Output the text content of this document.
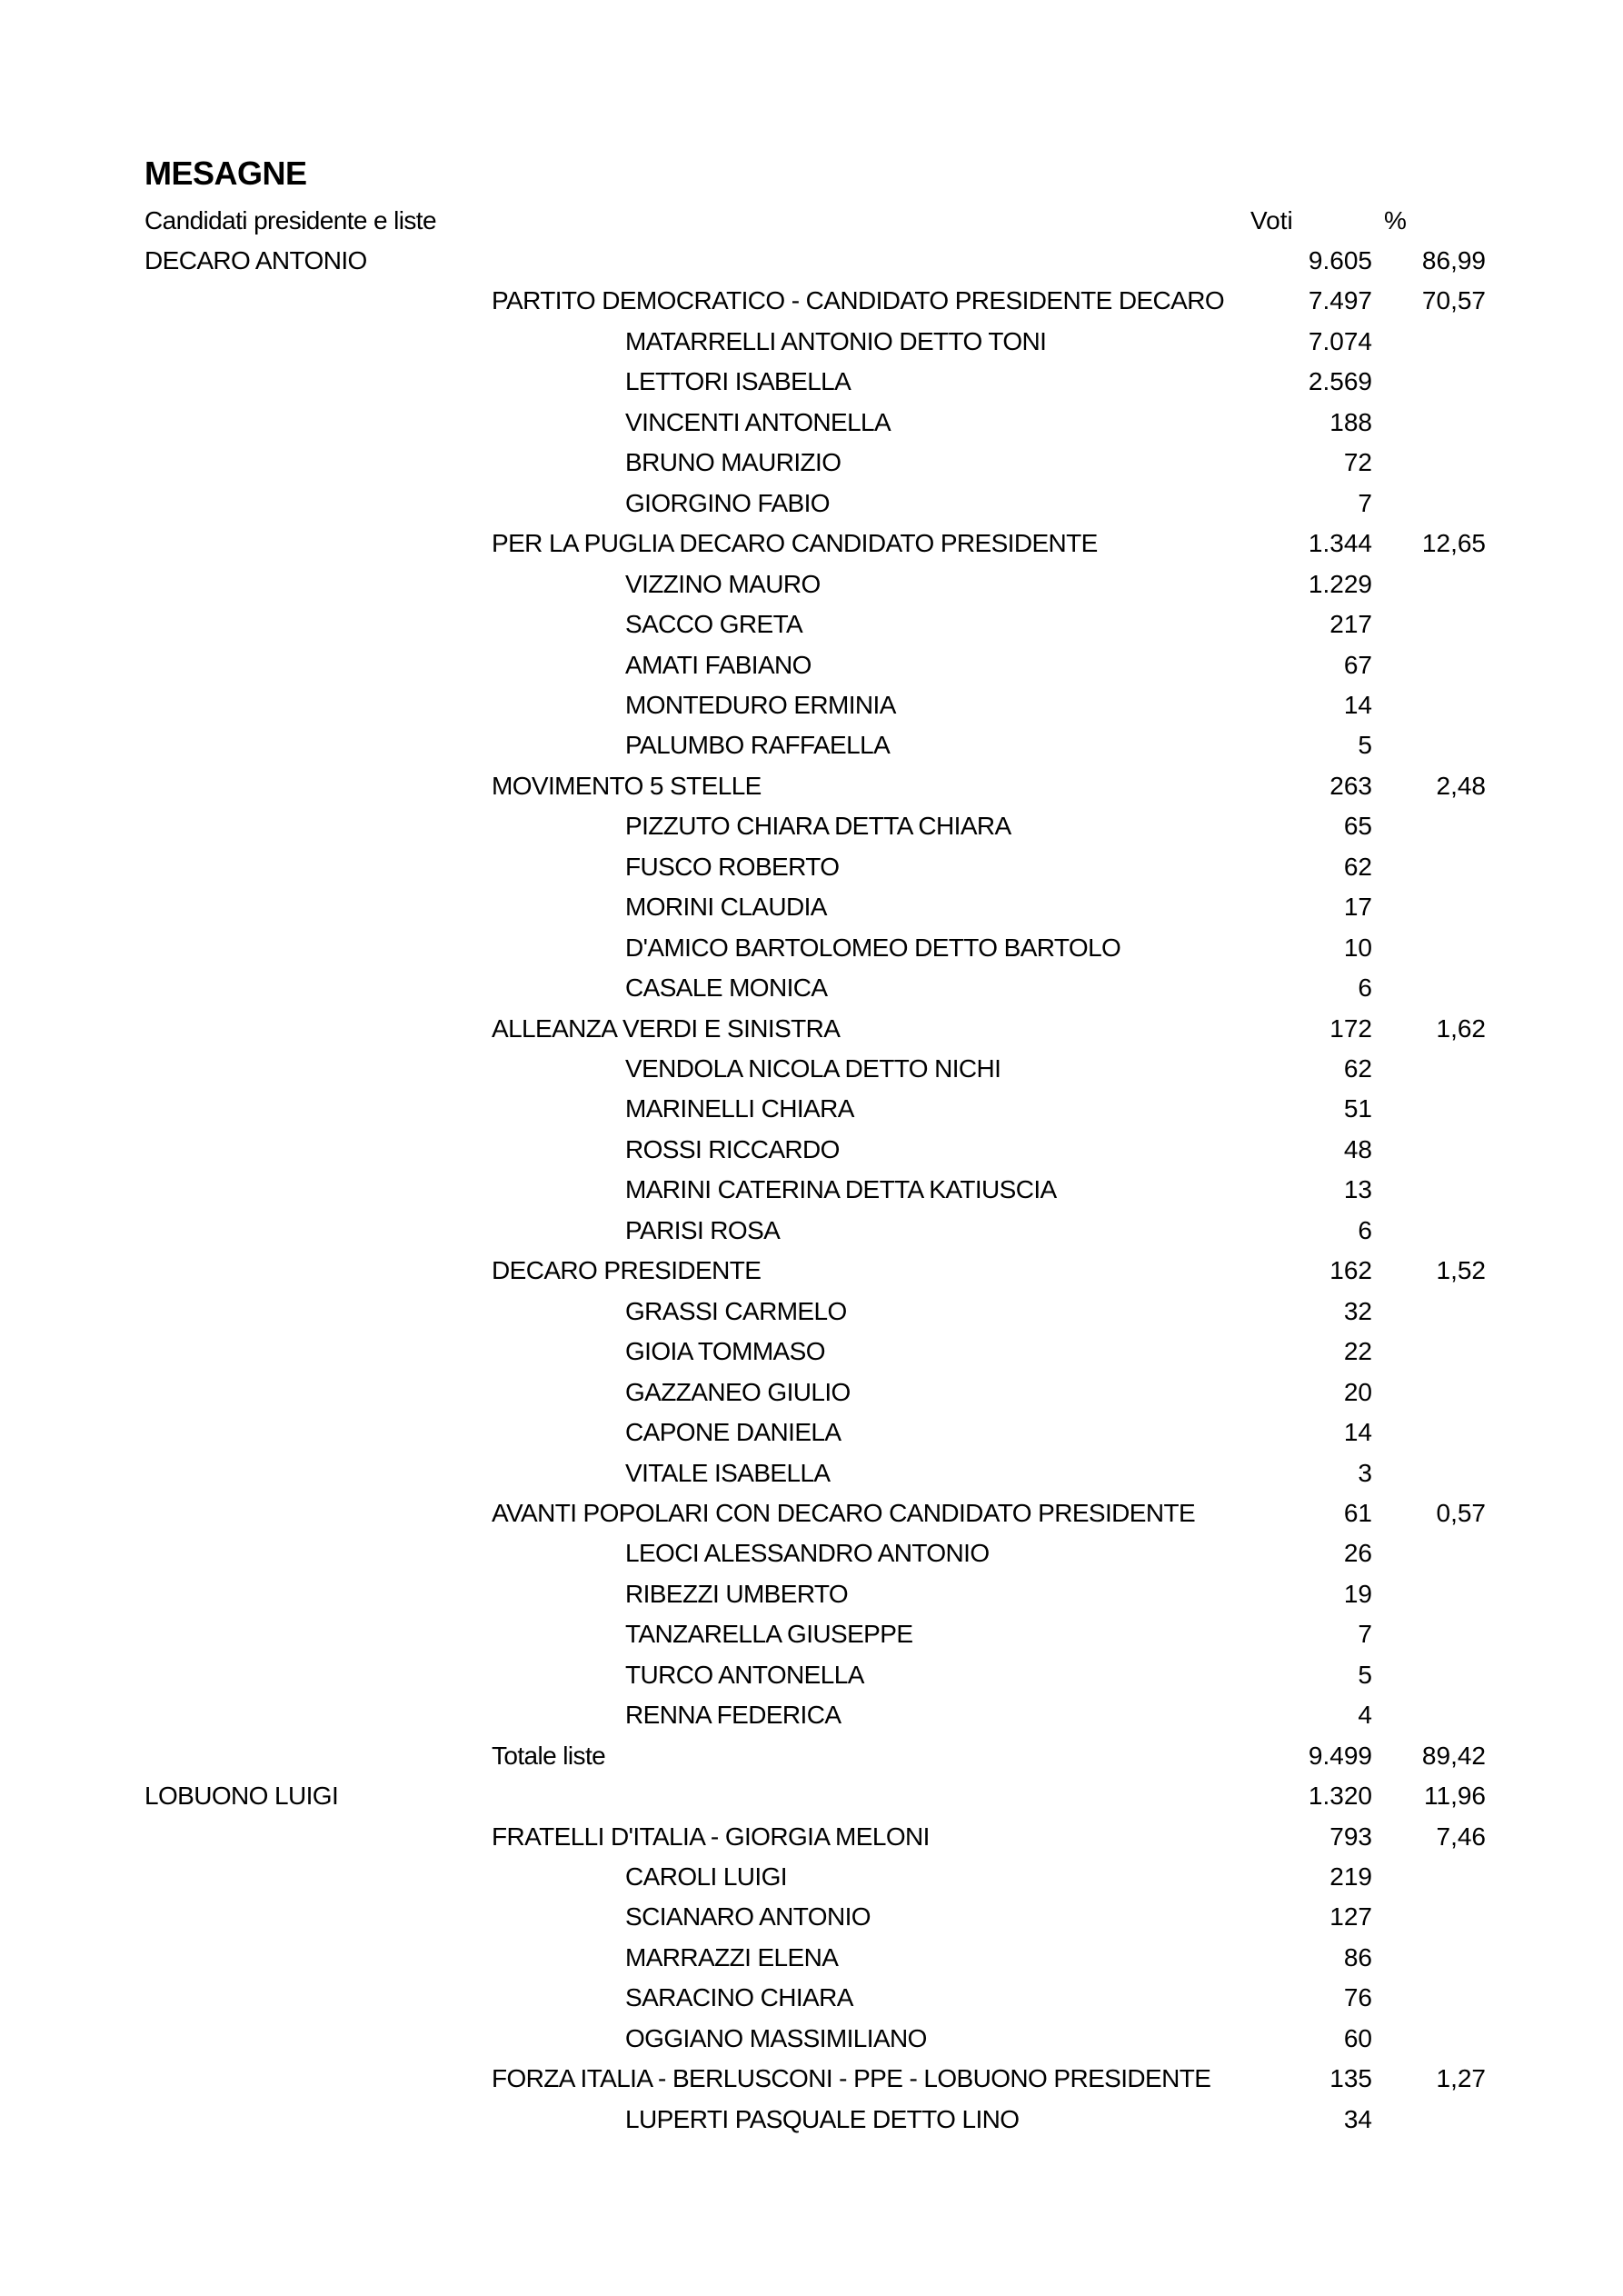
MESAGNE
Candidati presidente e liste	Voti	%
DECARO ANTONIO	9.605 86,99
PARTITO DEMOCRATICO - CANDIDATO PRESIDENTE DECARO	7.497 70,57
MATARRELLI ANTONIO DETTO TONI	7.074
LETTORI ISABELLA	2.569
VINCENTI ANTONELLA	188
BRUNO MAURIZIO	72
GIORGINO FABIO	7
PER LA PUGLIA DECARO CANDIDATO PRESIDENTE	1.344 12,65
VIZZINO MAURO	1.229
SACCO GRETA	217
AMATI FABIANO	67
MONTEDURO ERMINIA	14
PALUMBO RAFFAELLA	5
MOVIMENTO 5 STELLE	263	2,48
PIZZUTO CHIARA DETTA CHIARA	65
FUSCO ROBERTO	62
MORINI CLAUDIA	17
D'AMICO BARTOLOMEO DETTO BARTOLO	10
CASALE MONICA	6
ALLEANZA VERDI E SINISTRA	172	1,62
VENDOLA NICOLA DETTO NICHI	62
MARINELLI CHIARA	51
ROSSI RICCARDO	48
MARINI CATERINA DETTA KATIUSCIA	13
PARISI ROSA	6
DECARO PRESIDENTE	162	1,52
GRASSI CARMELO	32
GIOIA TOMMASO	22
GAZZANEO GIULIO	20
CAPONE DANIELA	14
VITALE ISABELLA	3
AVANTI POPOLARI CON DECARO CANDIDATO PRESIDENTE	61	0,57
LEOCI ALESSANDRO ANTONIO	26
RIBEZZI UMBERTO	19
TANZARELLA GIUSEPPE	7
TURCO ANTONELLA	5
RENNA FEDERICA	4
Totale liste	9.499 89,42
LOBUONO LUIGI	1.320 11,96
FRATELLI D'ITALIA - GIORGIA MELONI	793	7,46
CAROLI LUIGI	219
SCIANARO ANTONIO	127
MARRAZZI ELENA	86
SARACINO CHIARA	76
OGGIANO MASSIMILIANO	60
FORZA ITALIA - BERLUSCONI - PPE - LOBUONO PRESIDENTE	135	1,27
LUPERTI PASQUALE DETTO LINO	34
